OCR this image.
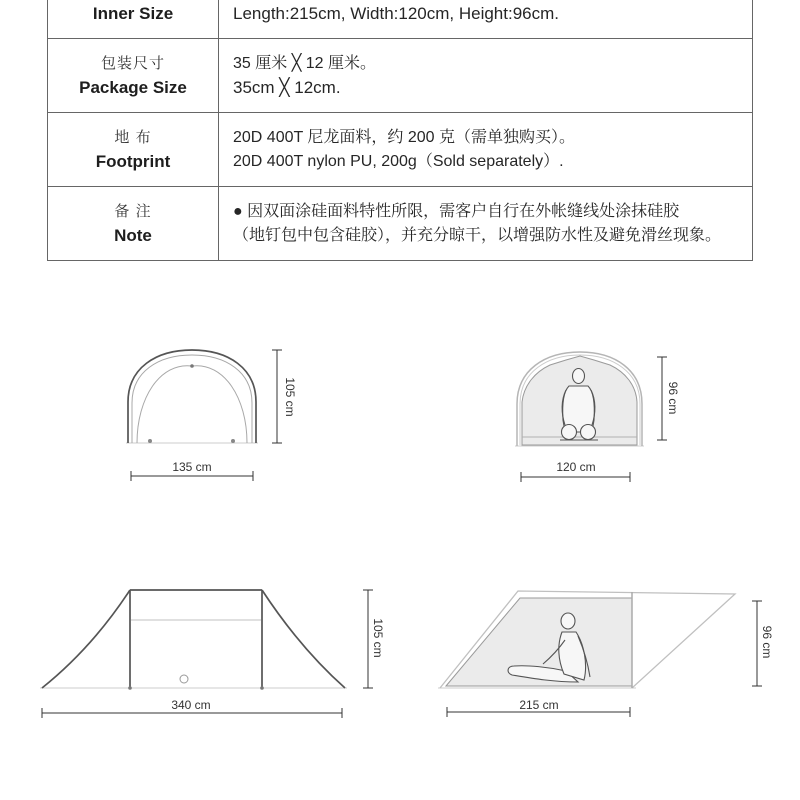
Inner Size	Length:215cm, Width:120cm, Height:96cm.
包装尺寸
Package Size
35 厘米 ╳ 12 厘米。
35cm ╳ 12cm.
地 布
Footprint
20D 400T 尼龙面料，约 200 克（需单独购买）。
20D 400T nylon PU, 200g（Sold separately）.
备 注
Note
● 因双面涂硅面料特性所限，需客户自行在外帐缝线处涂抹硅胶
（地钉包中包含硅胶），并充分晾干，以增强防水性及避免滑丝现象。
135 cm
105 cm
120 cm
96 cm
340 cm
105 cm
215 cm
96 cm
